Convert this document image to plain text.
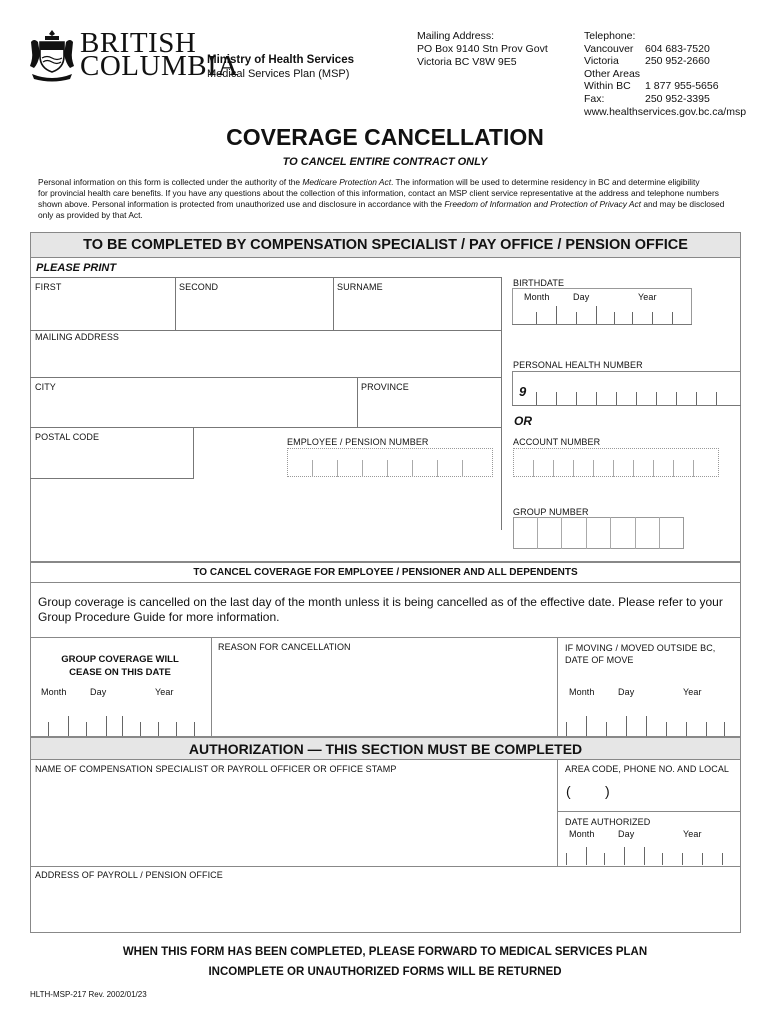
BRITISH
COLUMBIA
Ministry of Health Services
Medical Services Plan (MSP)
Mailing Address:
PO Box 9140 Stn Prov Govt
Victoria BC V8W 9E5
Telephone:
Vancouver 604 683-7520
Victoria 250 952-2660
Other Areas
Within BC 1 877 955-5656
Fax:	250 952-3395
www.healthservices.gov.bc.ca/msp
COVERAGE CANCELLATION
TO CANCEL ENTIRE CONTRACT ONLY
Personal information on this form is collected under the authority of the Medicare Protection Act. The information will be used to determine residency in BC and determine eligibility
for provincial health care benefits. If you have any questions about the collection of this information, contact an MSP client service representative at the address and telephone numbers
shown above. Personal information is protected from unauthorized use and disclosure in accordance with the Freedom of Information and Protection of Privacy Act and may be disclosed
only as provided by that Act.
TO BE COMPLETED BY COMPENSATION SPECIALIST / PAY OFFICE / PENSION OFFICE
PLEASE PRINT
FIRST	SECOND	SURNAME	BIRTHDATE
Month	Day	Year
MAILING ADDRESS
PERSONAL HEALTH NUMBER
9
CITY	PROVINCE
OR
POSTAL CODE	EMPLOYEE / PENSION NUMBER	ACCOUNT NUMBER
GROUP NUMBER
TO CANCEL COVERAGE FOR EMPLOYEE / PENSIONER AND ALL DEPENDENTS
Group coverage is cancelled on the last day of the month unless it is being cancelled as of the effective date. Please refer to your
Group Procedure Guide for more information.
GROUP COVERAGE WILL
CEASE ON THIS DATE
Month	Day	Year
REASON FOR CANCELLATION	IF MOVING / MOVED OUTSIDE BC,
DATE OF MOVE
Month	Day	Year
AUTHORIZATION — THIS SECTION MUST BE COMPLETED
NAME OF COMPENSATION SPECIALIST OR PAYROLL OFFICER OR OFFICE STAMP	AREA CODE, PHONE NO. AND LOCAL
( )
DATE AUTHORIZED
Month	Day	Year
ADDRESS OF PAYROLL / PENSION OFFICE
WHEN THIS FORM HAS BEEN COMPLETED, PLEASE FORWARD TO MEDICAL SERVICES PLAN
INCOMPLETE OR UNAUTHORIZED FORMS WILL BE RETURNED
HLTH-MSP-217 Rev. 2002/01/23
